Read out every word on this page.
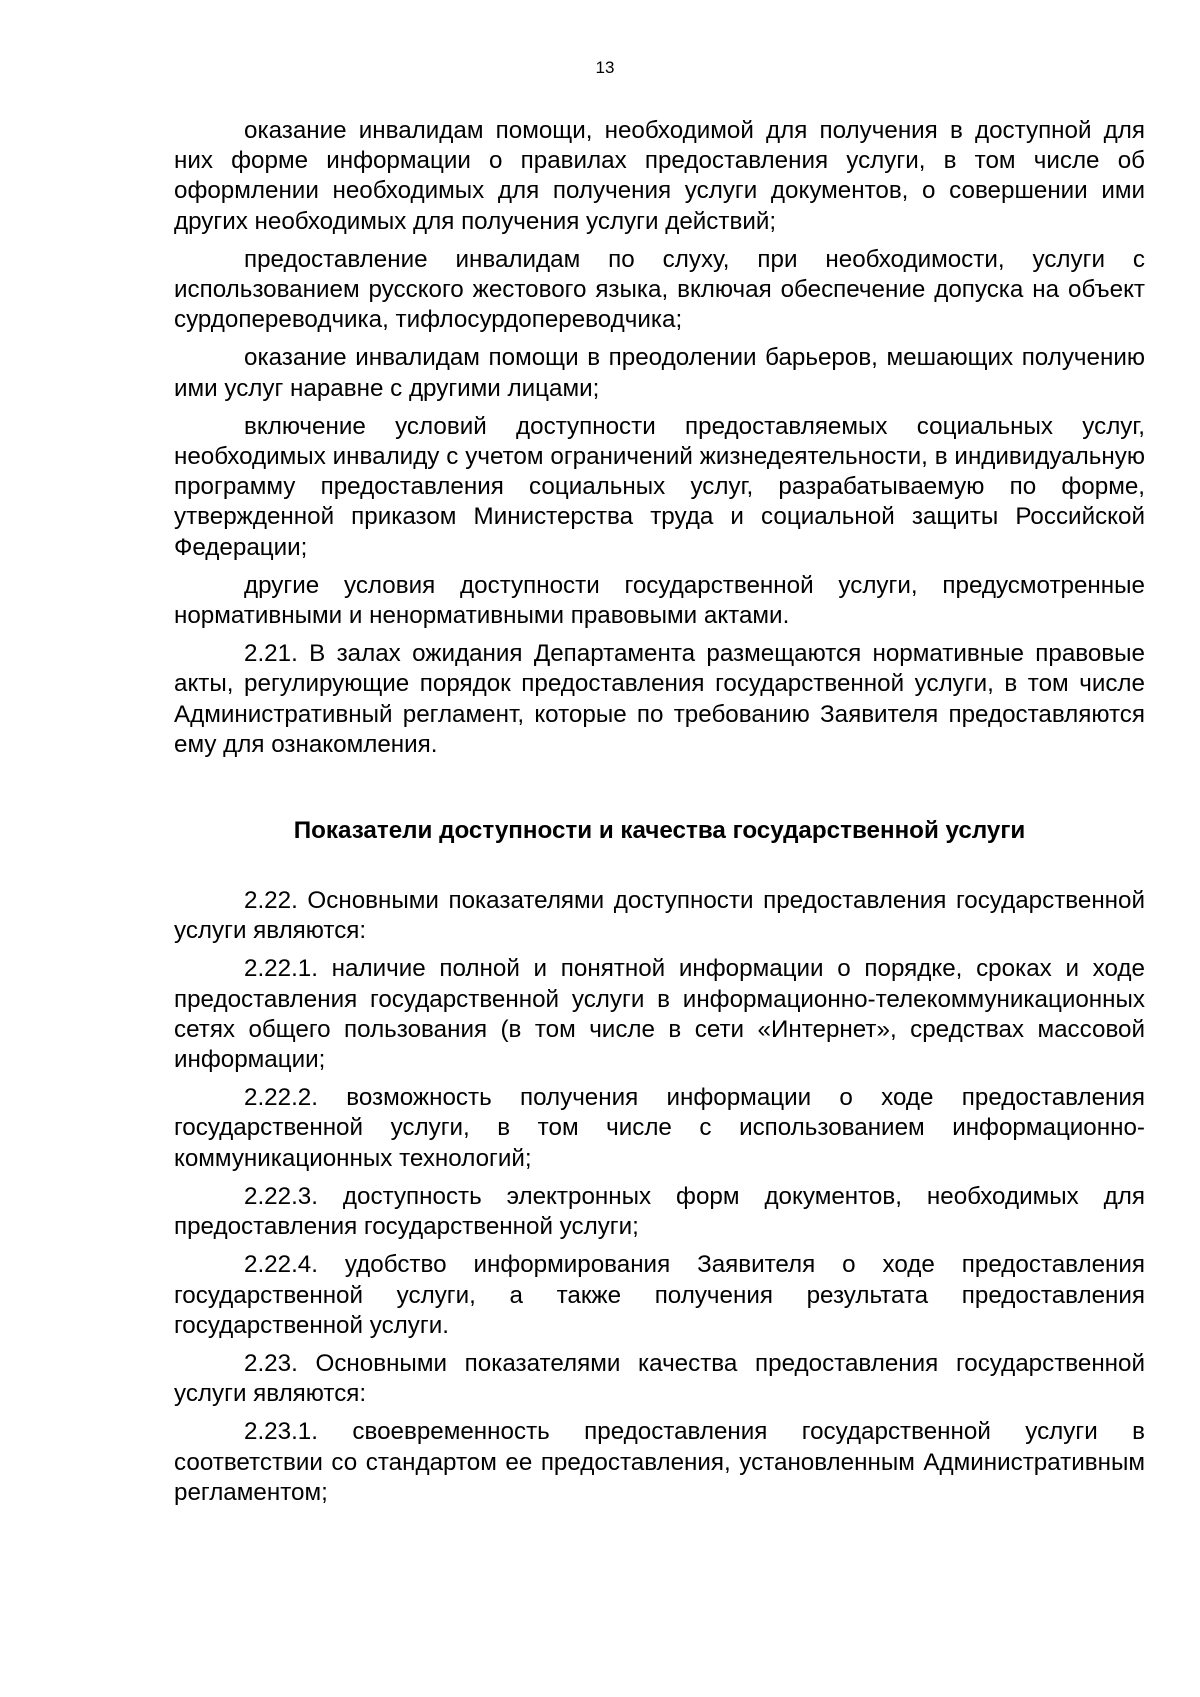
13

оказание инвалидам помощи, необходимой для получения в доступной для них форме информации о правилах предоставления услуги, в том числе об оформлении необходимых для получения услуги документов, о совершении ими других необходимых для получения услуги действий;

предоставление инвалидам по слуху, при необходимости, услуги с использованием русского жестового языка, включая обеспечение допуска на объект сурдопереводчика, тифлосурдопереводчика;

оказание инвалидам помощи в преодолении барьеров, мешающих получению ими услуг наравне с другими лицами;

включение условий доступности предоставляемых социальных услуг, необходимых инвалиду с учетом ограничений жизнедеятельности, в индивидуальную программу предоставления социальных услуг, разрабатываемую по форме, утвержденной приказом Министерства труда и социальной защиты Российской Федерации;

другие условия доступности государственной услуги, предусмотренные нормативными и ненормативными правовыми актами.

2.21. В залах ожидания Департамента размещаются нормативные правовые акты, регулирующие порядок предоставления государственной услуги, в том числе Административный регламент, которые по требованию Заявителя предоставляются ему для ознакомления.

Показатели доступности и качества государственной услуги

2.22. Основными показателями доступности предоставления государственной услуги являются:

2.22.1. наличие полной и понятной информации о порядке, сроках и ходе предоставления государственной услуги в информационно-телекоммуникационных сетях общего пользования (в том числе в сети «Интернет», средствах массовой информации;

2.22.2. возможность получения информации о ходе предоставления государственной услуги, в том числе с использованием информационно-коммуникационных технологий;

2.22.3. доступность электронных форм документов, необходимых для предоставления государственной услуги;

2.22.4. удобство информирования Заявителя о ходе предоставления государственной услуги, а также получения результата предоставления государственной услуги.

2.23. Основными показателями качества предоставления государственной услуги являются:

2.23.1. своевременность предоставления государственной услуги в соответствии со стандартом ее предоставления, установленным Административным регламентом;
